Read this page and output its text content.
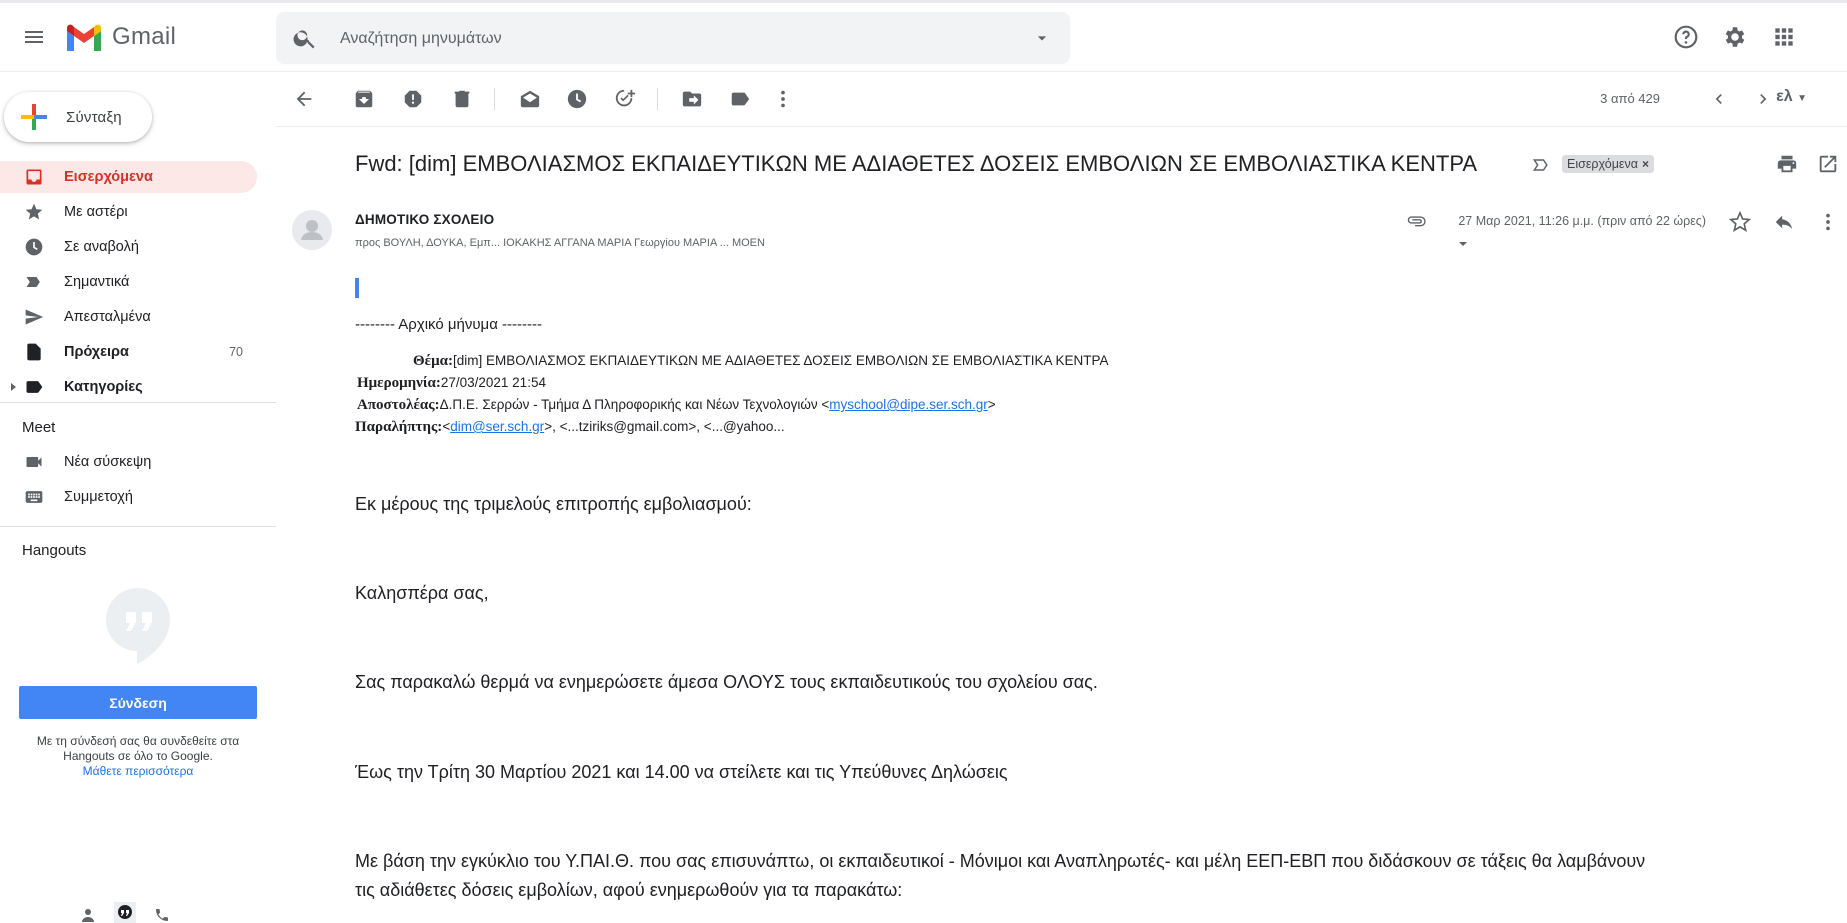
Gmail
Αναζήτηση μηνυμάτων
Σύνταξη
Εισερχόμενα
Με αστέρι
Σε αναβολή
Σημαντικά
Απεσταλμένα
Πρόχειρα	70
Κατηγορίες
Meet
Νέα σύσκεψη
Συμμετοχή
Hangouts
Σύνδεση
Με τη σύνδεσή σας θα συνδεθείτε στα Hangouts σε όλο το Google.
Μάθετε περισσότερα
3 από 429	ελ ▼
Fwd: [dim] ΕΜΒΟΛΙΑΣΜΟΣ ΕΚΠΑΙΔΕΥΤΙΚΩΝ ΜΕ ΑΔΙΑΘΕΤΕΣ ΔΟΣΕΙΣ ΕΜΒΟΛΙΩΝ ΣΕ ΕΜΒΟΛΙΑΣΤΙΚΑ ΚΕΝΤΡΑ	Εισερχόμενα ×
ΔΗΜΟΤΙΚΟ ΣΧΟΛΕΙΟ
προς ΒΟΥΛΗ, ΔΟΥΚΑ, Εμπ... ΙΟΚΑΚΗΣ ΑΓΓΑΝΑ ΜΑΡΙΑ Γεωργίου ΜΑΡΙΑ ... ΜΟΕΝ
27 Μαρ 2021, 11:26 μ.μ. (πριν από 22 ώρες)
-------- Αρχικό μήνυμα --------
Θέμα:[dim] ΕΜΒΟΛΙΑΣΜΟΣ ΕΚΠΑΙΔΕΥΤΙΚΩΝ ΜΕ ΑΔΙΑΘΕΤΕΣ ΔΟΣΕΙΣ ΕΜΒΟΛΙΩΝ ΣΕ ΕΜΒΟΛΙΑΣΤΙΚΑ ΚΕΝΤΡΑ
Ημερομηνία:27/03/2021 21:54
Αποστολέας:Δ.Π.Ε. Σερρών - Τμήμα Δ Πληροφορικής και Νέων Τεχνολογιών <myschool@dipe.ser.sch.gr>
Παραλήπτης:<dim@ser.sch.gr>, <...tziriks@gmail.com>, <...@yahoo...
Εκ μέρους της τριμελούς επιτροπής εμβολιασμού:
Καλησπέρα σας,
Σας παρακαλώ θερμά να ενημερώσετε άμεσα ΟΛΟΥΣ τους εκπαιδευτικούς του σχολείου σας.
Έως την Τρίτη 30 Μαρτίου 2021 και 14.00 να στείλετε και τις Υπεύθυνες Δηλώσεις
Με βάση την εγκύκλιο του Υ.ΠΑΙ.Θ. που σας επισυνάπτω, οι εκπαιδευτικοί - Μόνιμοι και Αναπληρωτές- και μέλη ΕΕΠ-ΕΒΠ που διδάσκουν σε τάξεις θα λαμβάνουν
τις αδιάθετες δόσεις εμβολίων, αφού ενημερωθούν για τα παρακάτω:
